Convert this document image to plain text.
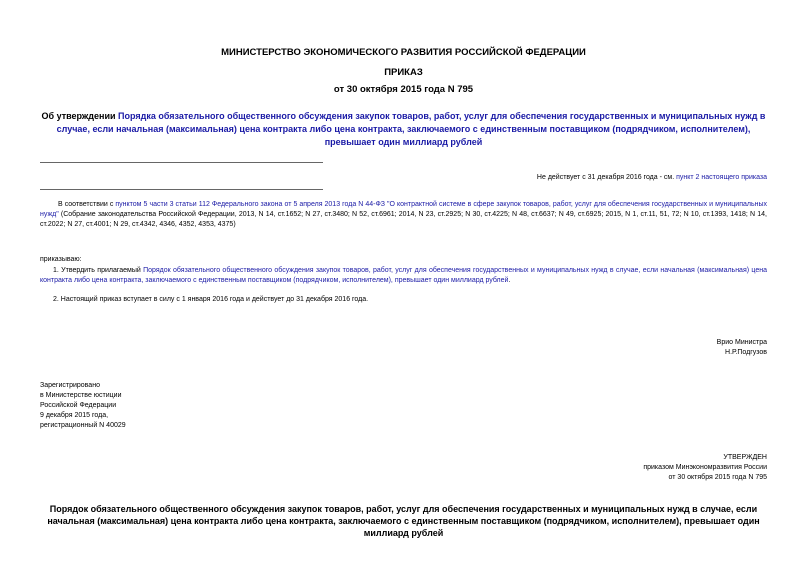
МИНИСТЕРСТВО ЭКОНОМИЧЕСКОГО РАЗВИТИЯ РОССИЙСКОЙ ФЕДЕРАЦИИ
ПРИКАЗ
от 30 октября 2015 года N 795
Об утверждении Порядка обязательного общественного обсуждения закупок товаров, работ, услуг для обеспечения государственных и муниципальных нужд в случае, если начальная (максимальная) цена контракта либо цена контракта, заключаемого с единственным поставщиком (подрядчиком, исполнителем), превышает один миллиард рублей
Не действует с 31 декабря 2016 года - см. пункт 2 настоящего приказа
В соответствии с пунктом 5 части 3 статьи 112 Федерального закона от 5 апреля 2013 года N 44-ФЗ "О контрактной системе в сфере закупок товаров, работ, услуг для обеспечения государственных и муниципальных нужд" (Собрание законодательства Российской Федерации, 2013, N 14, ст.1652; N 27, ст.3480; N 52, ст.6961; 2014, N 23, ст.2925; N 30, ст.4225; N 48, ст.6637; N 49, ст.6925; 2015, N 1, ст.11, 51, 72; N 10, ст.1393, 1418; N 14, ст.2022; N 27, ст.4001; N 29, ст.4342, 4346, 4352, 4353, 4375)
приказываю:
1. Утвердить прилагаемый Порядок обязательного общественного обсуждения закупок товаров, работ, услуг для обеспечения государственных и муниципальных нужд в случае, если начальная (максимальная) цена контракта либо цена контракта, заключаемого с единственным поставщиком (подрядчиком, исполнителем), превышает один миллиард рублей.
2. Настоящий приказ вступает в силу с 1 января 2016 года и действует до 31 декабря 2016 года.
Врио Министра
Н.Р.Подгузов
Зарегистрировано
в Министерстве юстиции
Российской Федерации
9 декабря 2015 года,
регистрационный N 40029
УТВЕРЖДЕН
приказом Минэкономразвития России
от 30 октября 2015 года N 795
Порядок обязательного общественного обсуждения закупок товаров, работ, услуг для обеспечения государственных и муниципальных нужд в случае, если начальная (максимальная) цена контракта либо цена контракта, заключаемого с единственным поставщиком (подрядчиком, исполнителем), превышает один миллиард рублей
